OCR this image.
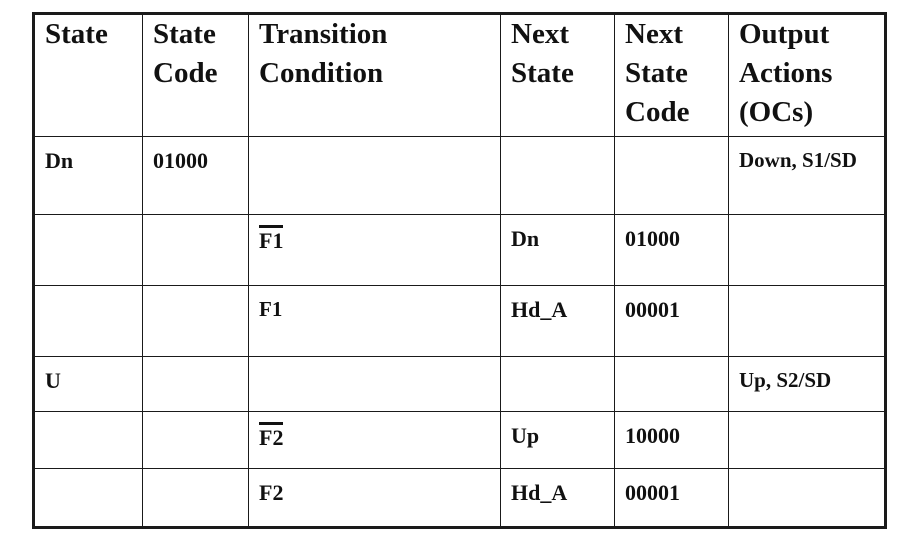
State	State Code	Transition Condition	Next State	Next State Code	Output Actions (OCs)
Dn	01000				Down, S1/SD
		F1	Dn	01000	
		F1	Hd_A	00001	
U					Up, S2/SD
		F2	Up	10000	
		F2	Hd_A	00001	
